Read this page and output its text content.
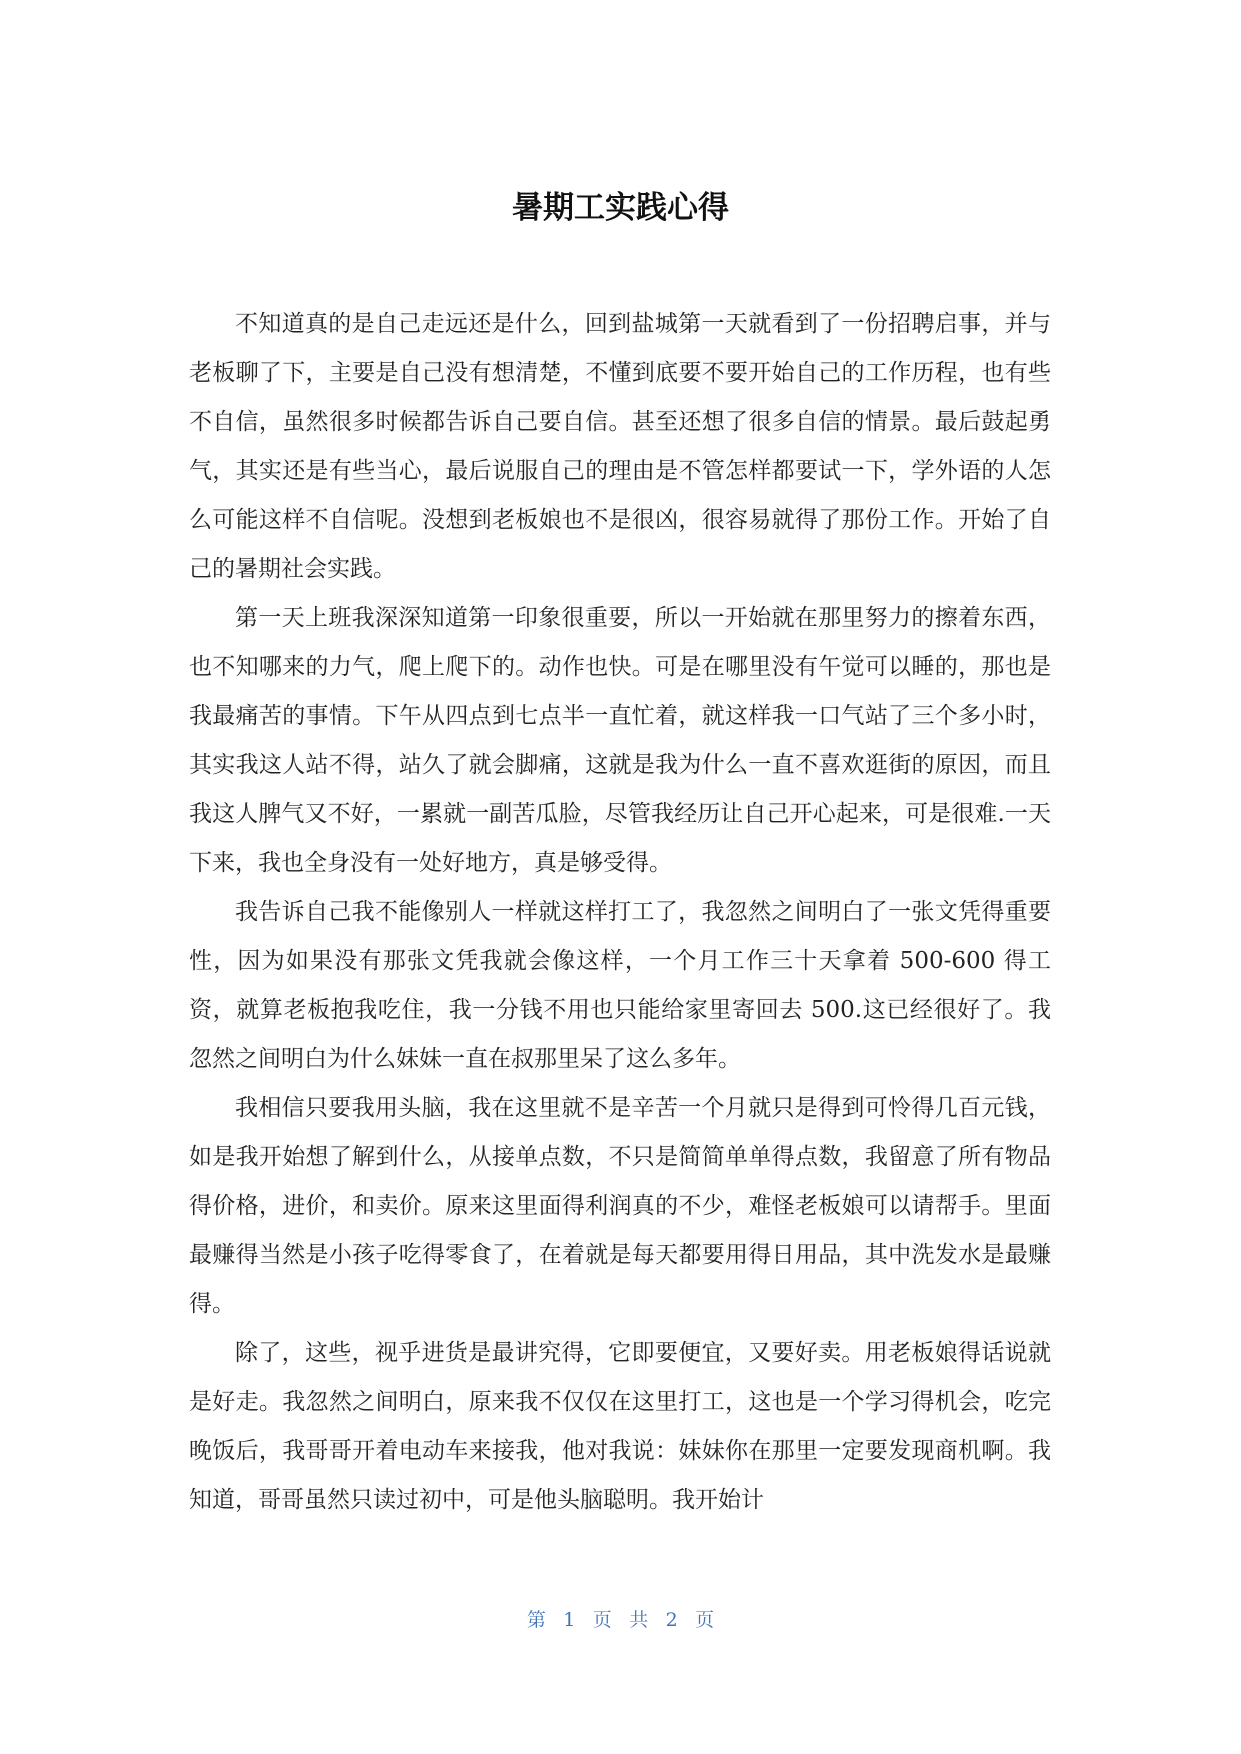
暑期工实践心得

不知道真的是自己走远还是什么，回到盐城第一天就看到了一份招聘启事，并与老板聊了下，主要是自己没有想清楚，不懂到底要不要开始自己的工作历程，也有些不自信，虽然很多时候都告诉自己要自信。甚至还想了很多自信的情景。最后鼓起勇气，其实还是有些当心，最后说服自己的理由是不管怎样都要试一下，学外语的人怎么可能这样不自信呢。没想到老板娘也不是很凶，很容易就得了那份工作。开始了自己的暑期社会实践。

第一天上班我深深知道第一印象很重要，所以一开始就在那里努力的擦着东西，也不知哪来的力气，爬上爬下的。动作也快。可是在哪里没有午觉可以睡的，那也是我最痛苦的事情。下午从四点到七点半一直忙着，就这样我一口气站了三个多小时，其实我这人站不得，站久了就会脚痛，这就是我为什么一直不喜欢逛街的原因，而且我这人脾气又不好，一累就一副苦瓜脸，尽管我经历让自己开心起来，可是很难.一天下来，我也全身没有一处好地方，真是够受得。

我告诉自己我不能像别人一样就这样打工了，我忽然之间明白了一张文凭得重要性，因为如果没有那张文凭我就会像这样，一个月工作三十天拿着 500-600 得工资，就算老板抱我吃住，我一分钱不用也只能给家里寄回去 500.这已经很好了。我忽然之间明白为什么妹妹一直在叔那里呆了这么多年。

我相信只要我用头脑，我在这里就不是辛苦一个月就只是得到可怜得几百元钱，如是我开始想了解到什么，从接单点数，不只是简简单单得点数，我留意了所有物品得价格，进价，和卖价。原来这里面得利润真的不少，难怪老板娘可以请帮手。里面最赚得当然是小孩子吃得零食了，在着就是每天都要用得日用品，其中洗发水是最赚得。

除了，这些，视乎进货是最讲究得，它即要便宜，又要好卖。用老板娘得话说就是好走。我忽然之间明白，原来我不仅仅在这里打工，这也是一个学习得机会，吃完晚饭后，我哥哥开着电动车来接我，他对我说：妹妹你在那里一定要发现商机啊。我知道，哥哥虽然只读过初中，可是他头脑聪明。我开始计

第 1 页 共 2 页
